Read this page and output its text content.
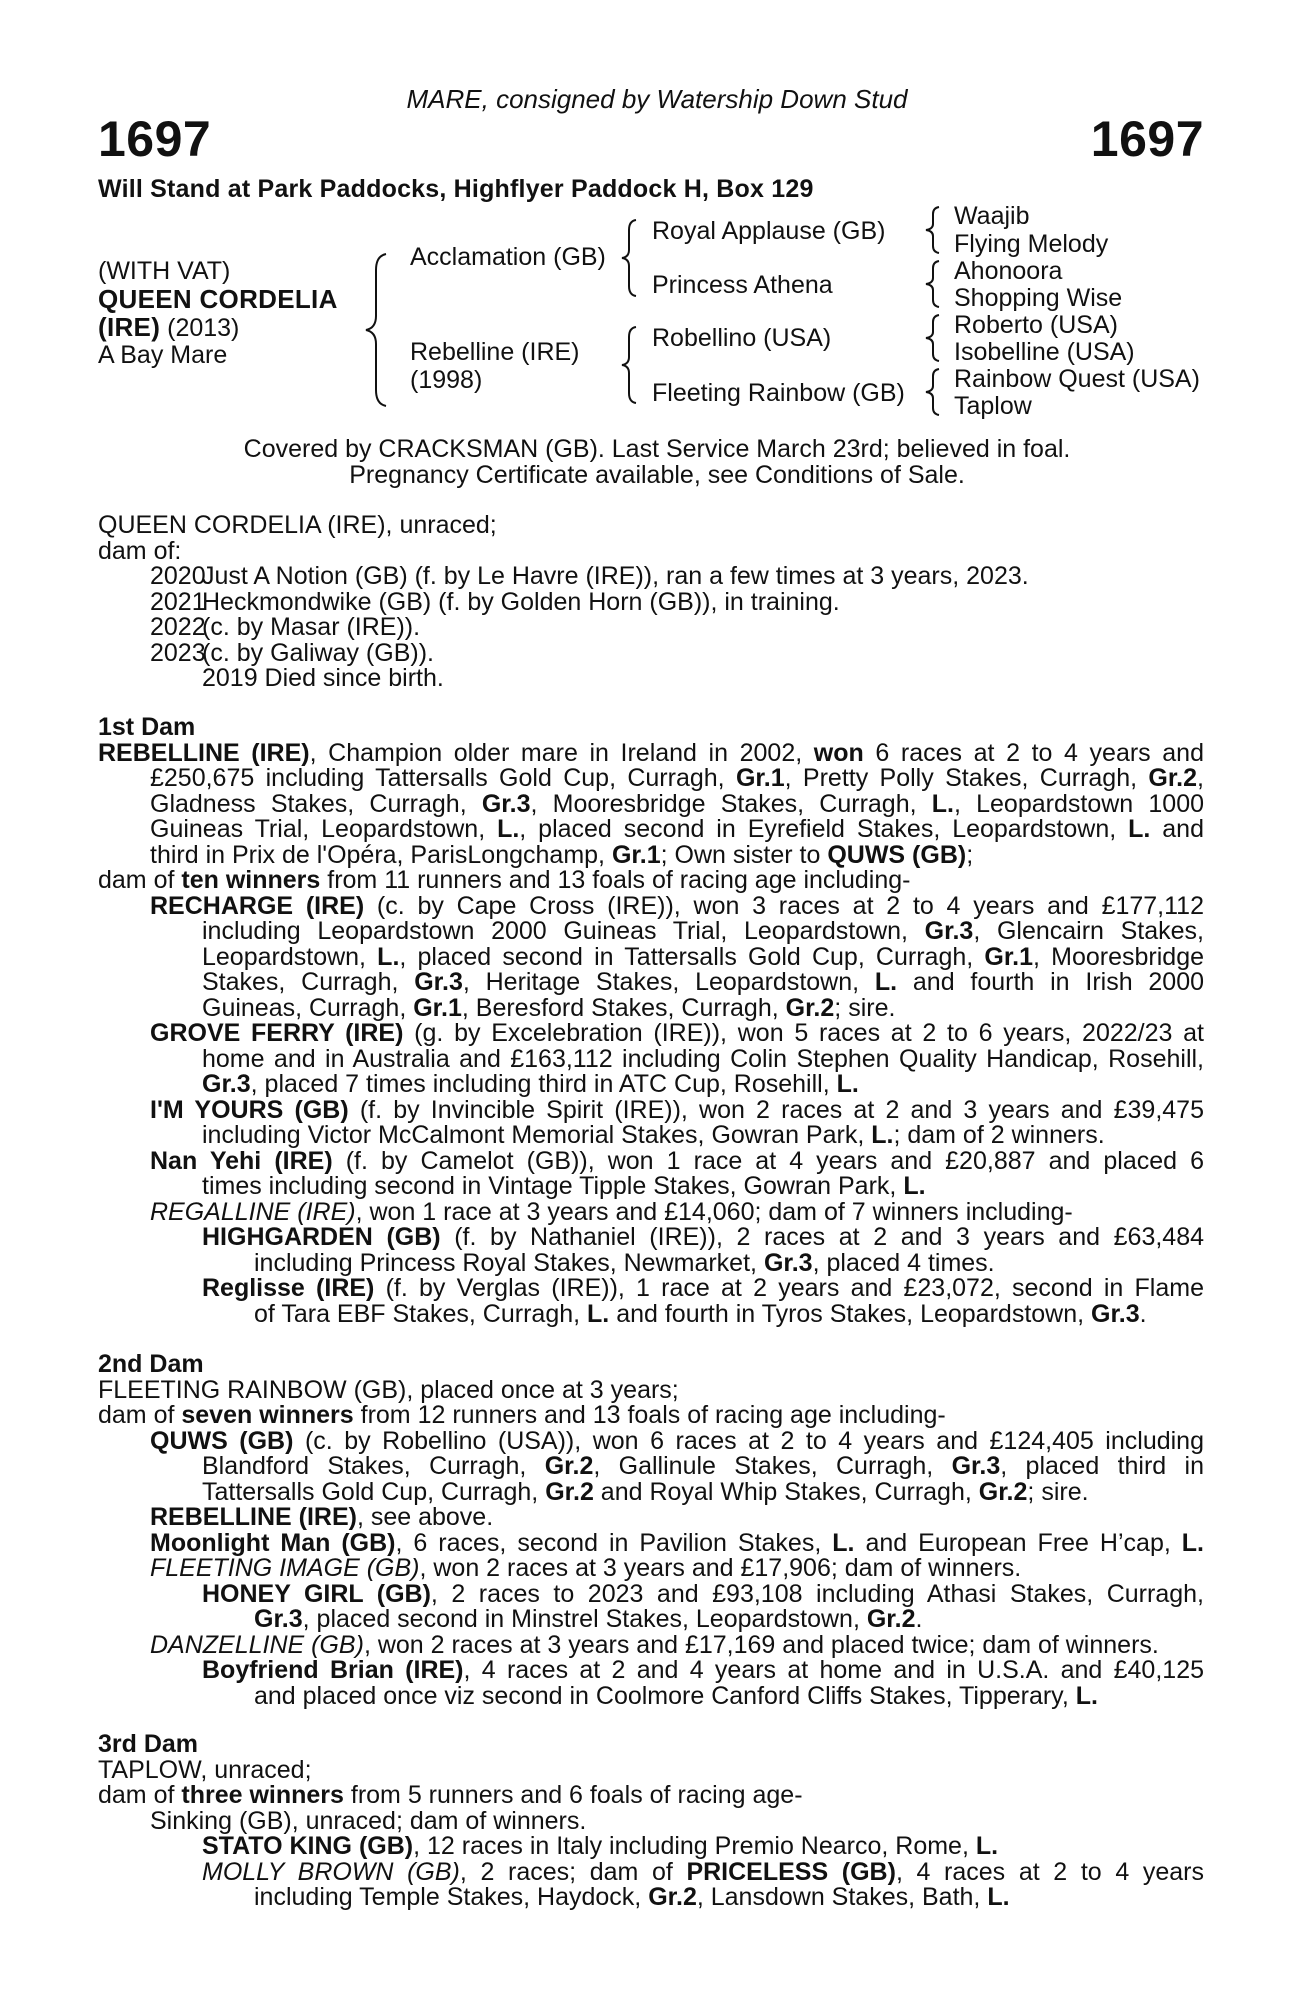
MARE, consigned by Watership Down Stud
1697	1697
Will Stand at Park Paddocks, Highflyer Paddock H, Box 129
(WITH VAT)
QUEEN CORDELIA
(IRE) (2013)
A Bay Mare
Acclamation (GB)
Rebelline (IRE)
(1998)
Royal Applause (GB)
Princess Athena
Robellino (USA)
Fleeting Rainbow (GB)
Waajib
Flying Melody
Ahonoora
Shopping Wise
Roberto (USA)
Isobelline (USA)
Rainbow Quest (USA)
Taplow
Covered by CRACKSMAN (GB). Last Service March 23rd; believed in foal.
Pregnancy Certificate available, see Conditions of Sale.
QUEEN CORDELIA (IRE), unraced;
dam of:
2020Just A Notion (GB) (f. by Le Havre (IRE)), ran a few times at 3 years, 2023.
2021Heckmondwike (GB) (f. by Golden Horn (GB)), in training.
2022(c. by Masar (IRE)).
2023(c. by Galiway (GB)).
2019 Died since birth.
1st Dam
REBELLINE (IRE), Champion older mare in Ireland in 2002, won 6 races at 2 to 4 years and
£250,675 including Tattersalls Gold Cup, Curragh, Gr.1, Pretty Polly Stakes, Curragh, Gr.2,
Gladness Stakes, Curragh, Gr.3, Mooresbridge Stakes, Curragh, L., Leopardstown 1000
Guineas Trial, Leopardstown, L., placed second in Eyrefield Stakes, Leopardstown, L. and
third in Prix de l'Opéra, ParisLongchamp, Gr.1; Own sister to QUWS (GB);
dam of ten winners from 11 runners and 13 foals of racing age including-
RECHARGE (IRE) (c. by Cape Cross (IRE)), won 3 races at 2 to 4 years and £177,112
including Leopardstown 2000 Guineas Trial, Leopardstown, Gr.3, Glencairn Stakes,
Leopardstown, L., placed second in Tattersalls Gold Cup, Curragh, Gr.1, Mooresbridge
Stakes, Curragh, Gr.3, Heritage Stakes, Leopardstown, L. and fourth in Irish 2000
Guineas, Curragh, Gr.1, Beresford Stakes, Curragh, Gr.2; sire.
GROVE FERRY (IRE) (g. by Excelebration (IRE)), won 5 races at 2 to 6 years, 2022/23 at
home and in Australia and £163,112 including Colin Stephen Quality Handicap, Rosehill,
Gr.3, placed 7 times including third in ATC Cup, Rosehill, L.
I'M YOURS (GB) (f. by Invincible Spirit (IRE)), won 2 races at 2 and 3 years and £39,475
including Victor McCalmont Memorial Stakes, Gowran Park, L.; dam of 2 winners.
Nan Yehi (IRE) (f. by Camelot (GB)), won 1 race at 4 years and £20,887 and placed 6
times including second in Vintage Tipple Stakes, Gowran Park, L.
REGALLINE (IRE), won 1 race at 3 years and £14,060; dam of 7 winners including-
HIGHGARDEN (GB) (f. by Nathaniel (IRE)), 2 races at 2 and 3 years and £63,484
including Princess Royal Stakes, Newmarket, Gr.3, placed 4 times.
Reglisse (IRE) (f. by Verglas (IRE)), 1 race at 2 years and £23,072, second in Flame
of Tara EBF Stakes, Curragh, L. and fourth in Tyros Stakes, Leopardstown, Gr.3.
2nd Dam
FLEETING RAINBOW (GB), placed once at 3 years;
dam of seven winners from 12 runners and 13 foals of racing age including-
QUWS (GB) (c. by Robellino (USA)), won 6 races at 2 to 4 years and £124,405 including
Blandford Stakes, Curragh, Gr.2, Gallinule Stakes, Curragh, Gr.3, placed third in
Tattersalls Gold Cup, Curragh, Gr.2 and Royal Whip Stakes, Curragh, Gr.2; sire.
REBELLINE (IRE), see above.
Moonlight Man (GB), 6 races, second in Pavilion Stakes, L. and European Free H’cap, L.
FLEETING IMAGE (GB), won 2 races at 3 years and £17,906; dam of winners.
HONEY GIRL (GB), 2 races to 2023 and £93,108 including Athasi Stakes, Curragh,
Gr.3, placed second in Minstrel Stakes, Leopardstown, Gr.2.
DANZELLINE (GB), won 2 races at 3 years and £17,169 and placed twice; dam of winners.
Boyfriend Brian (IRE), 4 races at 2 and 4 years at home and in U.S.A. and £40,125
and placed once viz second in Coolmore Canford Cliffs Stakes, Tipperary, L.
3rd Dam
TAPLOW, unraced;
dam of three winners from 5 runners and 6 foals of racing age-
Sinking (GB), unraced; dam of winners.
STATO KING (GB), 12 races in Italy including Premio Nearco, Rome, L.
MOLLY BROWN (GB), 2 races; dam of PRICELESS (GB), 4 races at 2 to 4 years
including Temple Stakes, Haydock, Gr.2, Lansdown Stakes, Bath, L.
